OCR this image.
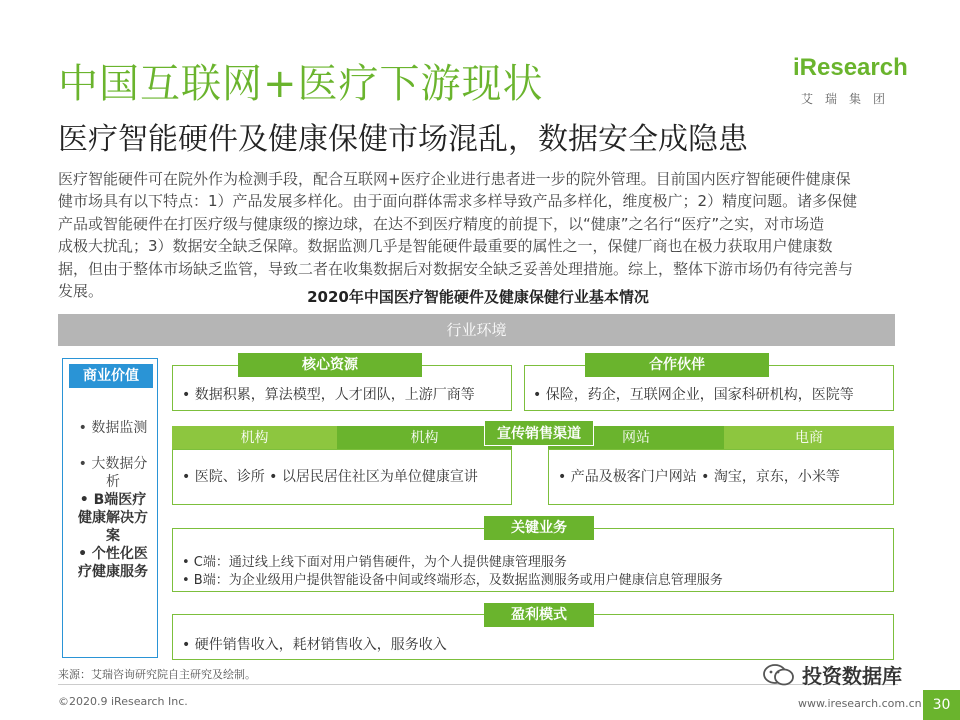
中国互联网+医疗下游现状
医疗智能硬件及健康保健市场混乱，数据安全成隐患
iResearch
艾瑞集团
医疗智能硬件可在院外作为检测手段，配合互联网+医疗企业进行患者进一步的院外管理。目前国内医疗智能硬件健康保
健市场具有以下特点：1）产品发展多样化。由于面向群体需求多样导致产品多样化，维度极广；2）精度问题。诸多保健
产品或智能硬件在打医疗级与健康级的擦边球，在达不到医疗精度的前提下，以“健康”之名行“医疗”之实，对市场造
成极大扰乱；3）数据安全缺乏保障。数据监测几乎是智能硬件最重要的属性之一，保健厂商也在极力获取用户健康数
据，但由于整体市场缺乏监管，导致二者在收集数据后对数据安全缺乏妥善处理措施。综上，整体下游市场仍有待完善与
发展。	2020年中国医疗智能硬件及健康保健行业基本情况
行业环境
商业价值
• 数据监测
• 大数据分析
• B端医疗健康解决方案
• 个性化医疗健康服务
核心资源
• 数据积累，算法模型，人才团队，上游厂商等
合作伙伴
• 保险，药企，互联网企业，国家科研机构，医院等
机构	机构	网站	电商
宣传销售渠道
• 医院、诊所 • 以居民居住社区为单位健康宣讲	• 产品及极客门户网站 • 淘宝，京东，小米等
关键业务
• C端：通过线上线下面对用户销售硬件，为个人提供健康管理服务
• B端：为企业级用户提供智能设备中间或终端形态，及数据监测服务或用户健康信息管理服务
盈利模式
• 硬件销售收入，耗材销售收入，服务收入
来源：艾瑞咨询研究院自主研究及绘制。
©2020.9 iResearch Inc.	www.iresearch.com.cn 30
投资数据库
